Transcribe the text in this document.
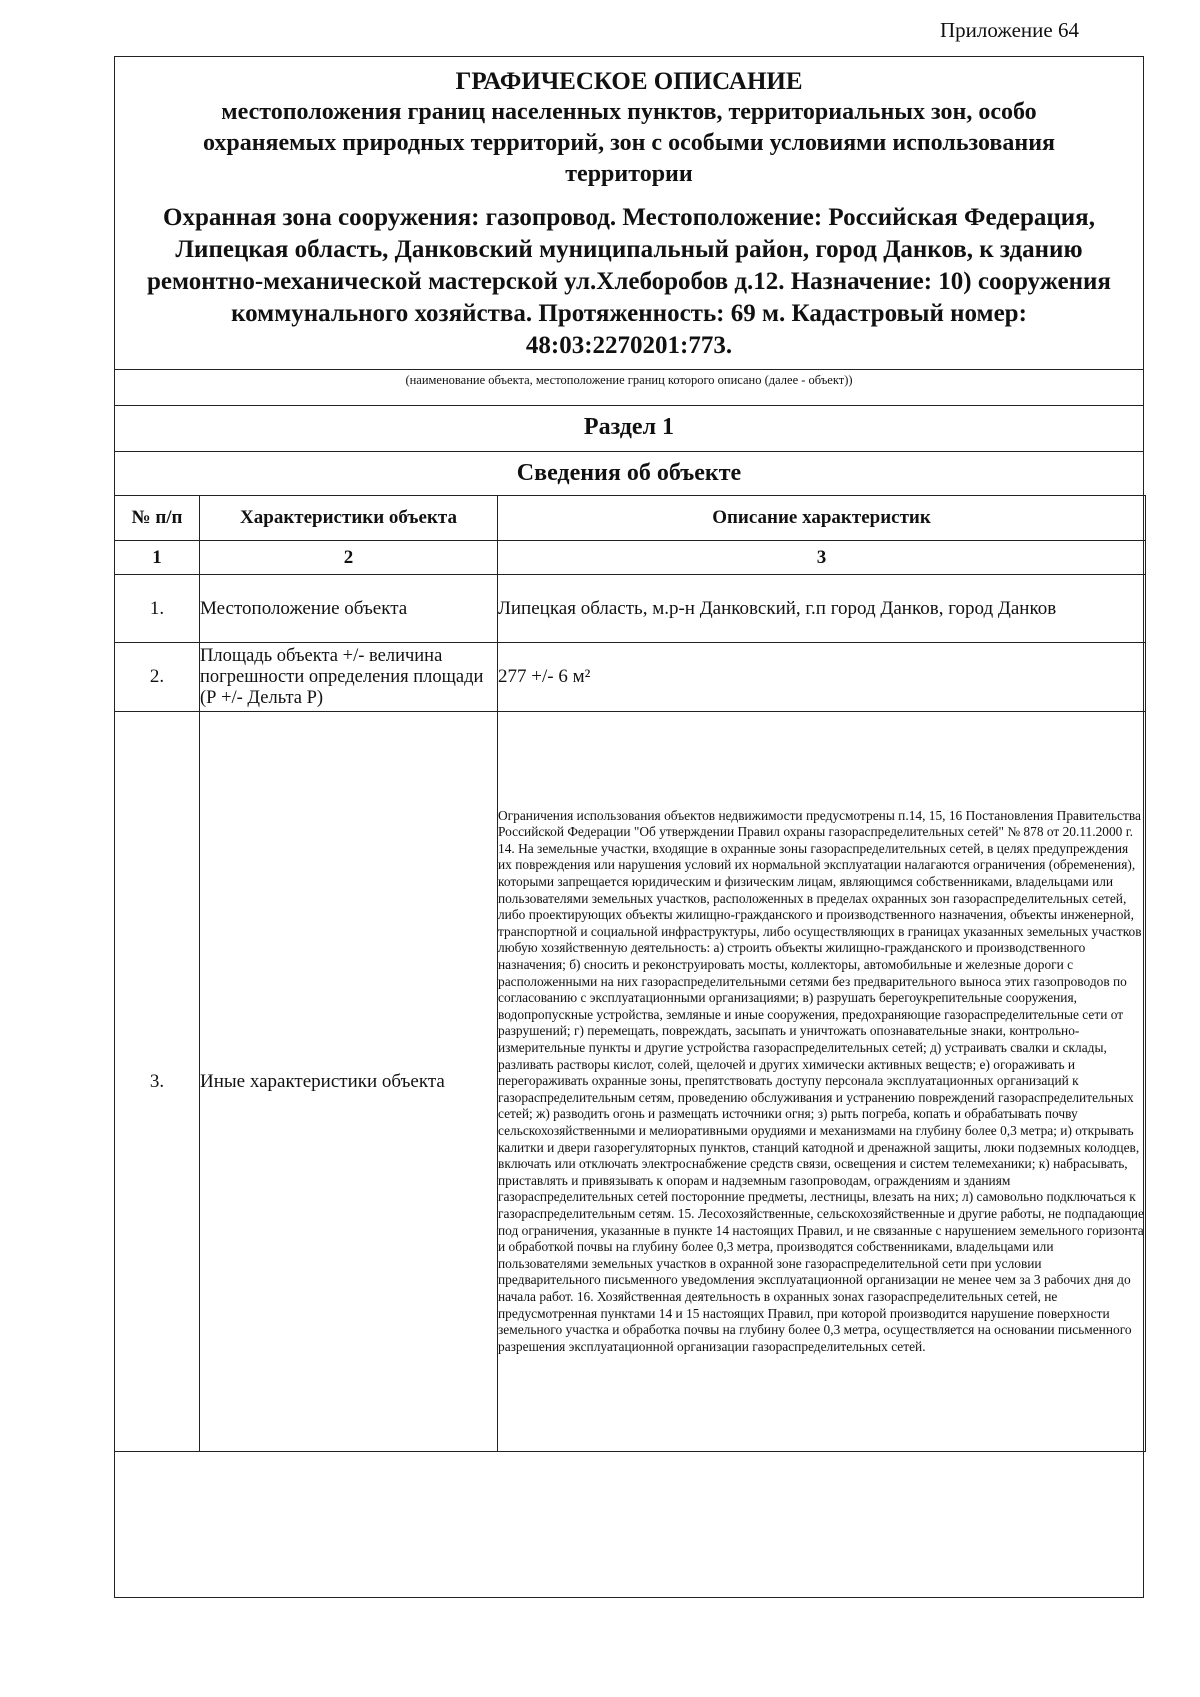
Приложение 64
ГРАФИЧЕСКОЕ ОПИСАНИЕ
местоположения границ населенных пунктов, территориальных зон, особо охраняемых природных территорий, зон с особыми условиями использования территории
Охранная зона сооружения: газопровод. Местоположение: Российская Федерация, Липецкая область, Данковский муниципальный район, город Данков, к зданию ремонтно-механической мастерской ул.Хлеборобов д.12. Назначение: 10) сооружения коммунального хозяйства. Протяженность: 69 м. Кадастровый номер: 48:03:2270201:773.
(наименование объекта, местоположение границ которого описано (далее - объект))
Раздел 1
Сведения об объекте
№ п/п	Характеристики объекта	Описание характеристик
1	2	3
1.	Местоположение объекта	Липецкая область, м.р-н Данковский, г.п город Данков, город Данков
2.	Площадь объекта +/- величина погрешности определения площади (Р +/- Дельта Р)	277 +/- 6 м²
3.	Иные характеристики объекта	Ограничения использования объектов недвижимости предусмотрены п.14, 15, 16 Постановления Правительства Российской Федерации "Об утверждении Правил охраны газораспределительных сетей" № 878 от 20.11.2000 г. 14. На земельные участки, входящие в охранные зоны газораспределительных сетей, в целях предупреждения их повреждения или нарушения условий их нормальной эксплуатации налагаются ограничения (обременения), которыми запрещается юридическим и физическим лицам, являющимся собственниками, владельцами или пользователями земельных участков, расположенных в пределах охранных зон газораспределительных сетей, либо проектирующих объекты жилищно-гражданского и производственного назначения, объекты инженерной, транспортной и социальной инфраструктуры, либо осуществляющих в границах указанных земельных участков любую хозяйственную деятельность: а) строить объекты жилищно-гражданского и производственного назначения; б) сносить и реконструировать мосты, коллекторы, автомобильные и железные дороги с расположенными на них газораспределительными сетями без предварительного выноса этих газопроводов по согласованию с эксплуатационными организациями; в) разрушать берегоукрепительные сооружения, водопропускные устройства, земляные и иные сооружения, предохраняющие газораспределительные сети от разрушений; г) перемещать, повреждать, засыпать и уничтожать опознавательные знаки, контрольно-измерительные пункты и другие устройства газораспределительных сетей; д) устраивать свалки и склады, разливать растворы кислот, солей, щелочей и других химически активных веществ; е) огораживать и перегораживать охранные зоны, препятствовать доступу персонала эксплуатационных организаций к газораспределительным сетям, проведению обслуживания и устранению повреждений газораспределительных сетей; ж) разводить огонь и размещать источники огня; з) рыть погреба, копать и обрабатывать почву сельскохозяйственными и мелиоративными орудиями и механизмами на глубину более 0,3 метра; и) открывать калитки и двери газорегуляторных пунктов, станций катодной и дренажной защиты, люки подземных колодцев, включать или отключать электроснабжение средств связи, освещения и систем телемеханики; к) набрасывать, приставлять и привязывать к опорам и надземным газопроводам, ограждениям и зданиям газораспределительных сетей посторонние предметы, лестницы, влезать на них; л) самовольно подключаться к газораспределительным сетям. 15. Лесохозяйственные, сельскохозяйственные и другие работы, не подпадающие под ограничения, указанные в пункте 14 настоящих Правил, и не связанные с нарушением земельного горизонта и обработкой почвы на глубину более 0,3 метра, производятся собственниками, владельцами или пользователями земельных участков в охранной зоне газораспределительной сети при условии предварительного письменного уведомления эксплуатационной организации не менее чем за 3 рабочих дня до начала работ. 16. Хозяйственная деятельность в охранных зонах газораспределительных сетей, не предусмотренная пунктами 14 и 15 настоящих Правил, при которой производится нарушение поверхности земельного участка и обработка почвы на глубину более 0,3 метра, осуществляется на основании письменного разрешения эксплуатационной организации газораспределительных сетей.
